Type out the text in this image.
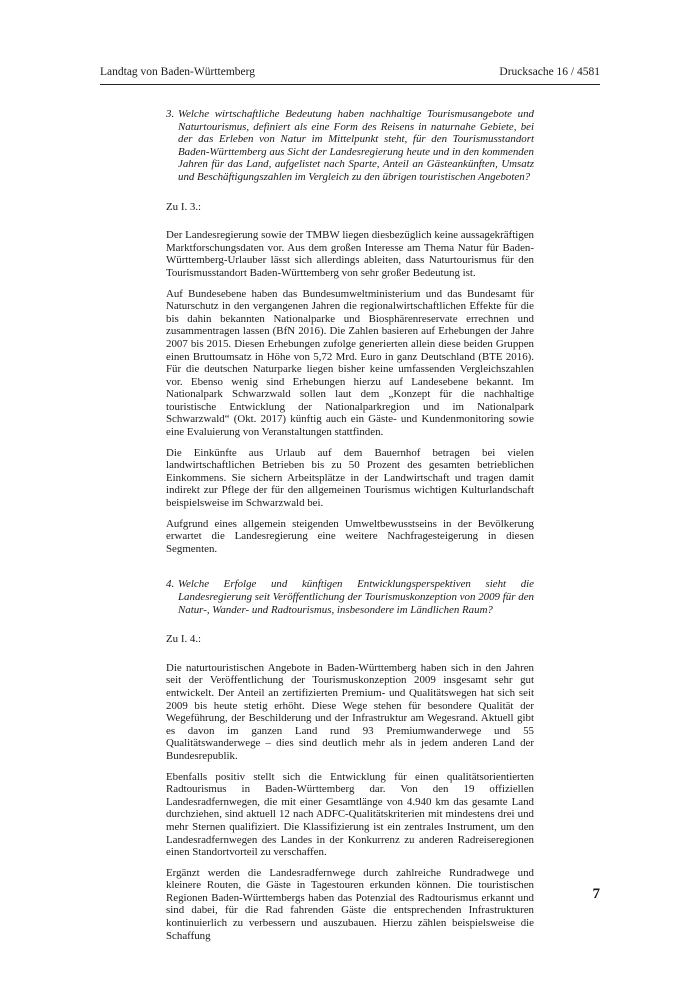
Landtag von Baden-Württemberg	Drucksache 16 / 4581
3. Welche wirtschaftliche Bedeutung haben nachhaltige Tourismusangebote und Naturtourismus, definiert als eine Form des Reisens in naturnahe Gebiete, bei der das Erleben von Natur im Mittelpunkt steht, für den Tourismusstandort Baden-Württemberg aus Sicht der Landesregierung heute und in den kommenden Jahren für das Land, aufgelistet nach Sparte, Anteil an Gästeankünften, Umsatz und Beschäftigungszahlen im Vergleich zu den übrigen touristischen Angeboten?

Zu I. 3.:

Der Landesregierung sowie der TMBW liegen diesbezüglich keine aussagekräftigen Marktforschungsdaten vor. Aus dem großen Interesse am Thema Natur für Baden-Württemberg-Urlauber lässt sich allerdings ableiten, dass Naturtourismus für den Tourismusstandort Baden-Württemberg von sehr großer Bedeutung ist.

Auf Bundesebene haben das Bundesumweltministerium und das Bundesamt für Naturschutz in den vergangenen Jahren die regionalwirtschaftlichen Effekte für die bis dahin bekannten Nationalparke und Biosphärenreservate errechnen und zusammentragen lassen (BfN 2016). Die Zahlen basieren auf Erhebungen der Jahre 2007 bis 2015. Diesen Erhebungen zufolge generierten allein diese beiden Gruppen einen Bruttoumsatz in Höhe von 5,72 Mrd. Euro in ganz Deutschland (BTE 2016). Für die deutschen Naturparke liegen bisher keine umfassenden Vergleichszahlen vor. Ebenso wenig sind Erhebungen hierzu auf Landesebene bekannt. Im Nationalpark Schwarzwald sollen laut dem „Konzept für die nachhaltige touristische Entwicklung der Nationalparkregion und im Nationalpark Schwarzwald“ (Okt. 2017) künftig auch ein Gäste- und Kundenmonitoring sowie eine Evaluierung von Veranstaltungen stattfinden.

Die Einkünfte aus Urlaub auf dem Bauernhof betragen bei vielen landwirtschaftlichen Betrieben bis zu 50 Prozent des gesamten betrieblichen Einkommens. Sie sichern Arbeitsplätze in der Landwirtschaft und tragen damit indirekt zur Pflege der für den allgemeinen Tourismus wichtigen Kulturlandschaft beispielsweise im Schwarzwald bei.

Aufgrund eines allgemein steigenden Umweltbewusstseins in der Bevölkerung erwartet die Landesregierung eine weitere Nachfragesteigerung in diesen Segmenten.

4. Welche Erfolge und künftigen Entwicklungsperspektiven sieht die Landesregierung seit Veröffentlichung der Tourismuskonzeption von 2009 für den Natur-, Wander- und Radtourismus, insbesondere im Ländlichen Raum?

Zu I. 4.:

Die naturtouristischen Angebote in Baden-Württemberg haben sich in den Jahren seit der Veröffentlichung der Tourismuskonzeption 2009 insgesamt sehr gut entwickelt. Der Anteil an zertifizierten Premium- und Qualitätswegen hat sich seit 2009 bis heute stetig erhöht. Diese Wege stehen für besondere Qualität der Wegeführung, der Beschilderung und der Infrastruktur am Wegesrand. Aktuell gibt es davon im ganzen Land rund 93 Premiumwanderwege und 55 Qualitätswanderwege – dies sind deutlich mehr als in jedem anderen Land der Bundesrepublik.

Ebenfalls positiv stellt sich die Entwicklung für einen qualitätsorientierten Radtourismus in Baden-Württemberg dar. Von den 19 offiziellen Landesradfernwegen, die mit einer Gesamtlänge von 4.940 km das gesamte Land durchziehen, sind aktuell 12 nach ADFC-Qualitätskriterien mit mindestens drei und mehr Sternen qualifiziert. Die Klassifizierung ist ein zentrales Instrument, um den Landesradfernwegen des Landes in der Konkurrenz zu anderen Radreiseregionen einen Standortvorteil zu verschaffen.

Ergänzt werden die Landesradfernwege durch zahlreiche Rundradwege und kleinere Routen, die Gäste in Tagestouren erkunden können. Die touristischen Regionen Baden-Württembergs haben das Potenzial des Radtourismus erkannt und sind dabei, für die Rad fahrenden Gäste die entsprechenden Infrastrukturen kontinuierlich zu verbessern und auszubauen. Hierzu zählen beispielsweise die Schaffung

7
